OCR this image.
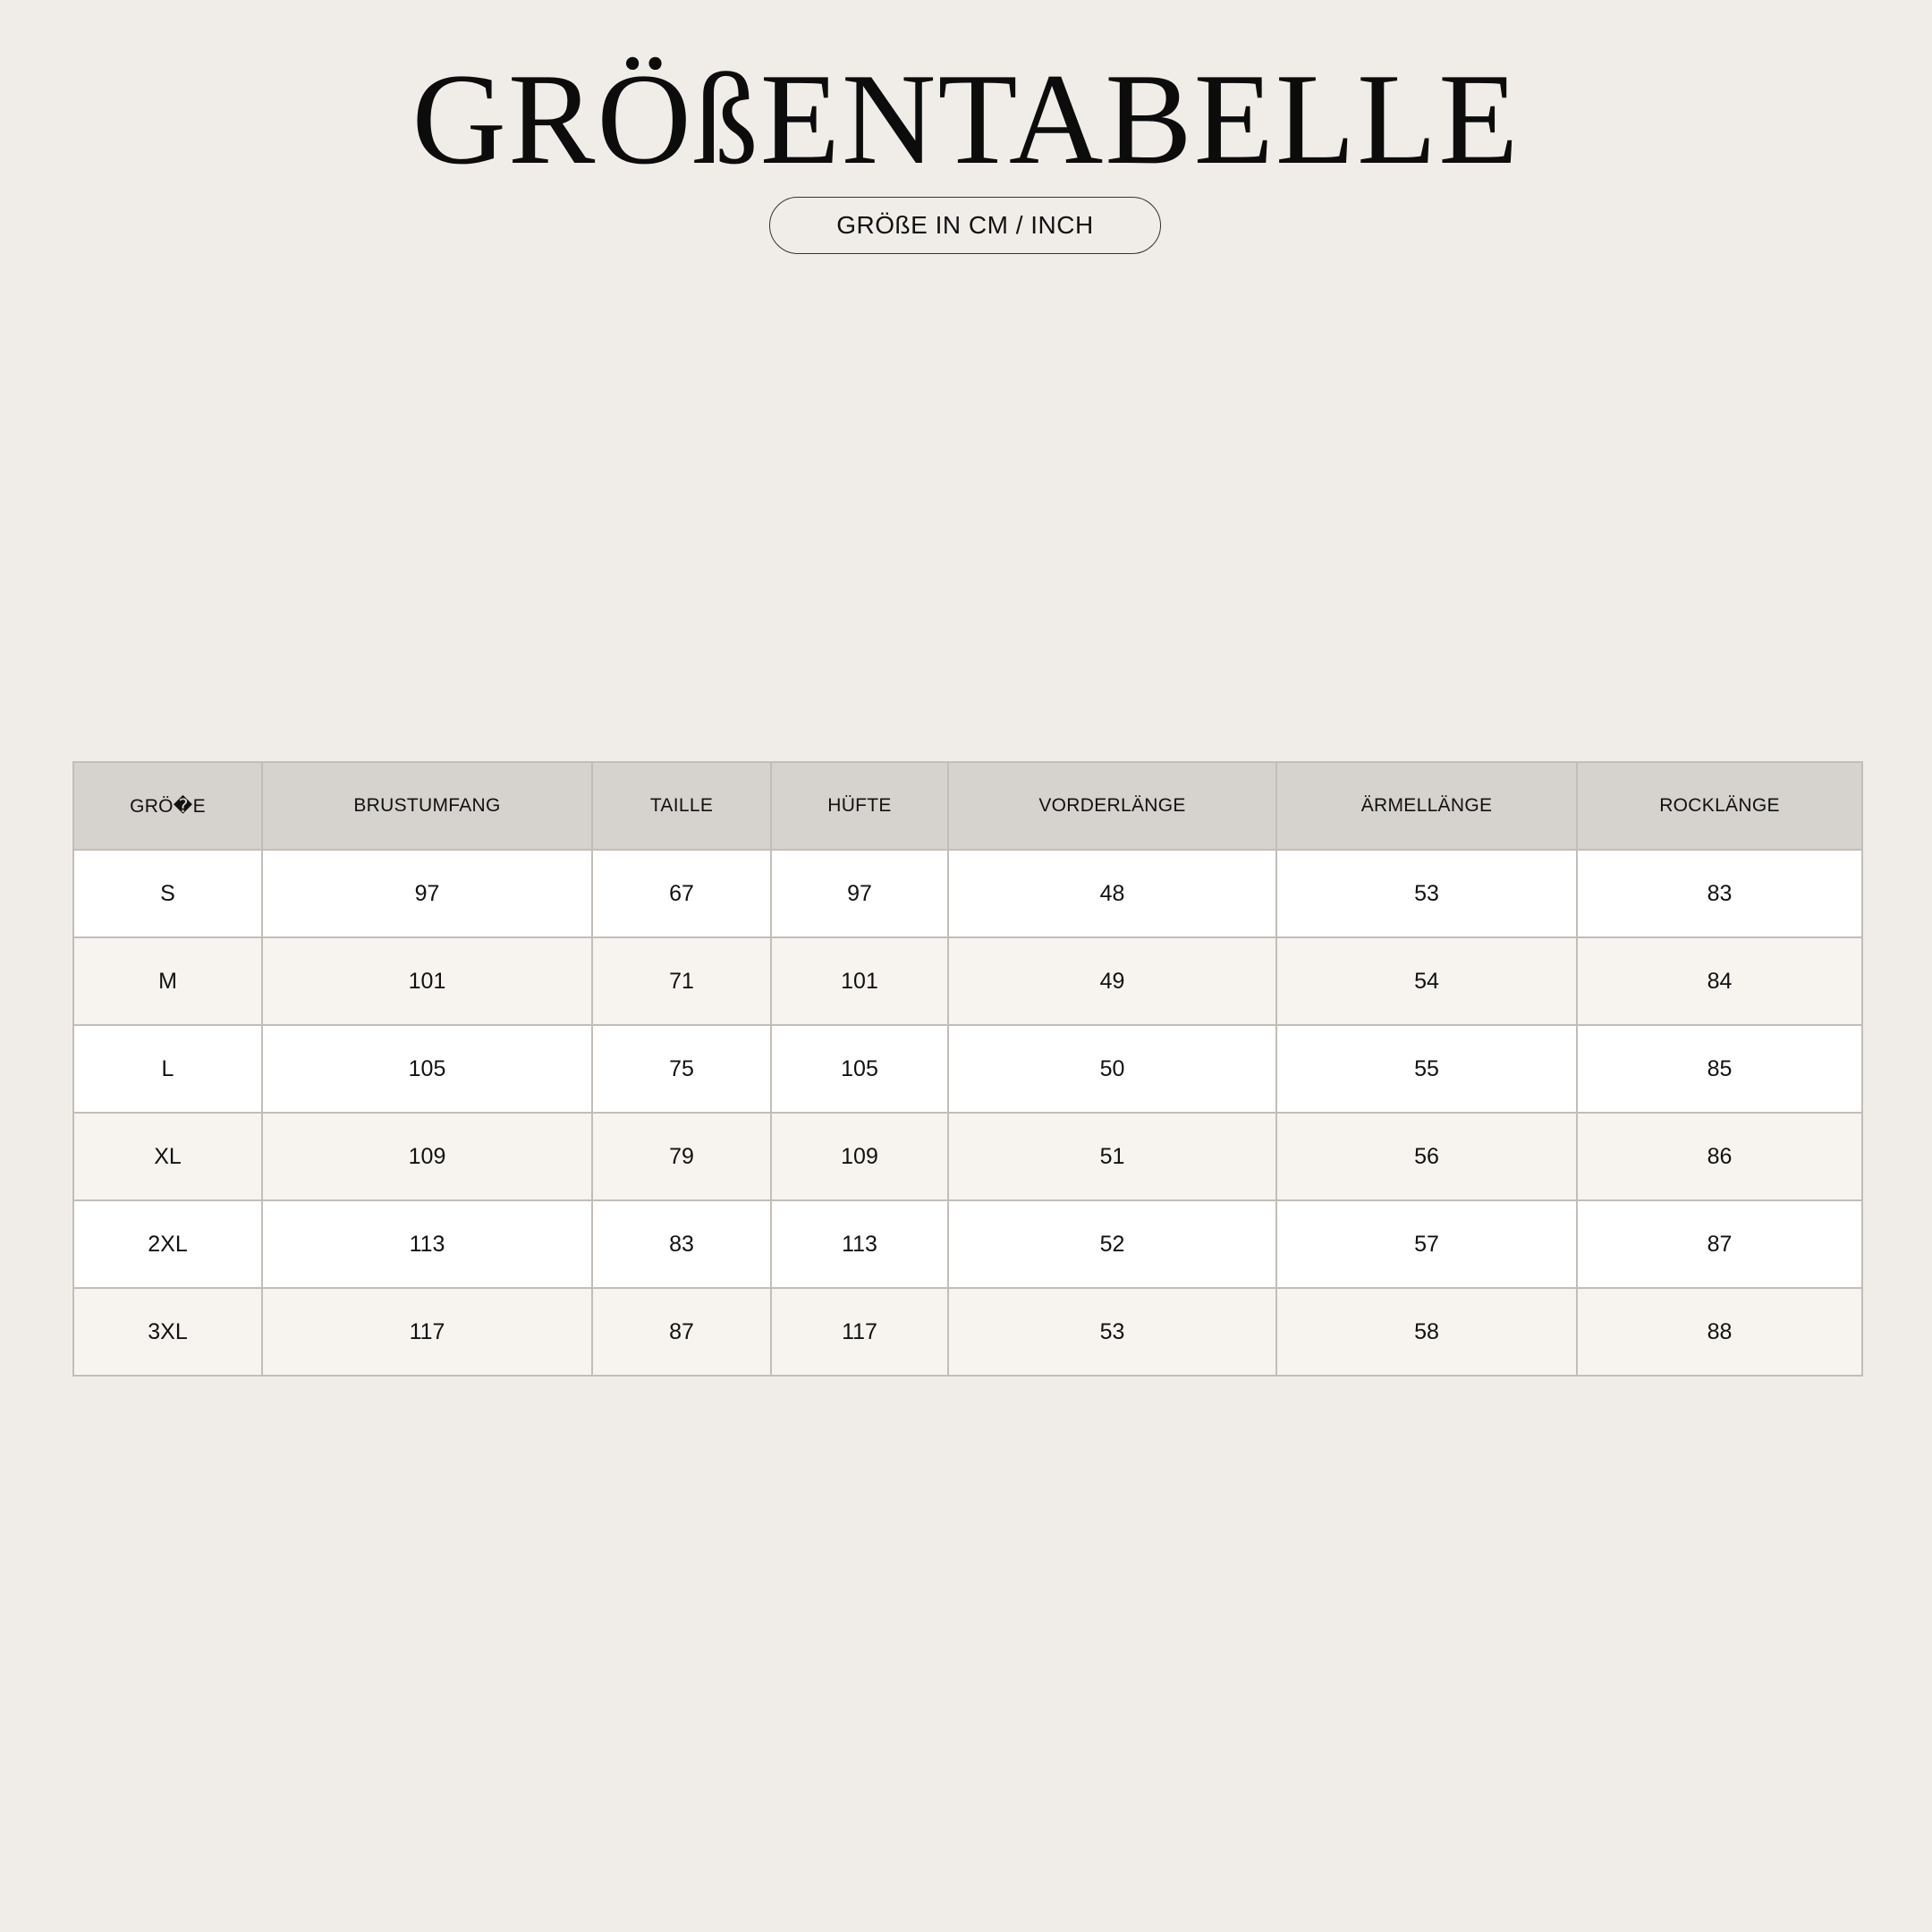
GRÖßENTABELLE
GRÖßE IN CM / INCH
GRÖ�E	BRUSTUMFANG	TAILLE	HÜFTE	VORDERLÄNGE	ÄRMELLÄNGE	ROCKLÄNGE
S	97	67	97	48	53	83
M	101	71	101	49	54	84
L	105	75	105	50	55	85
XL	109	79	109	51	56	86
2XL	113	83	113	52	57	87
3XL	117	87	117	53	58	88
